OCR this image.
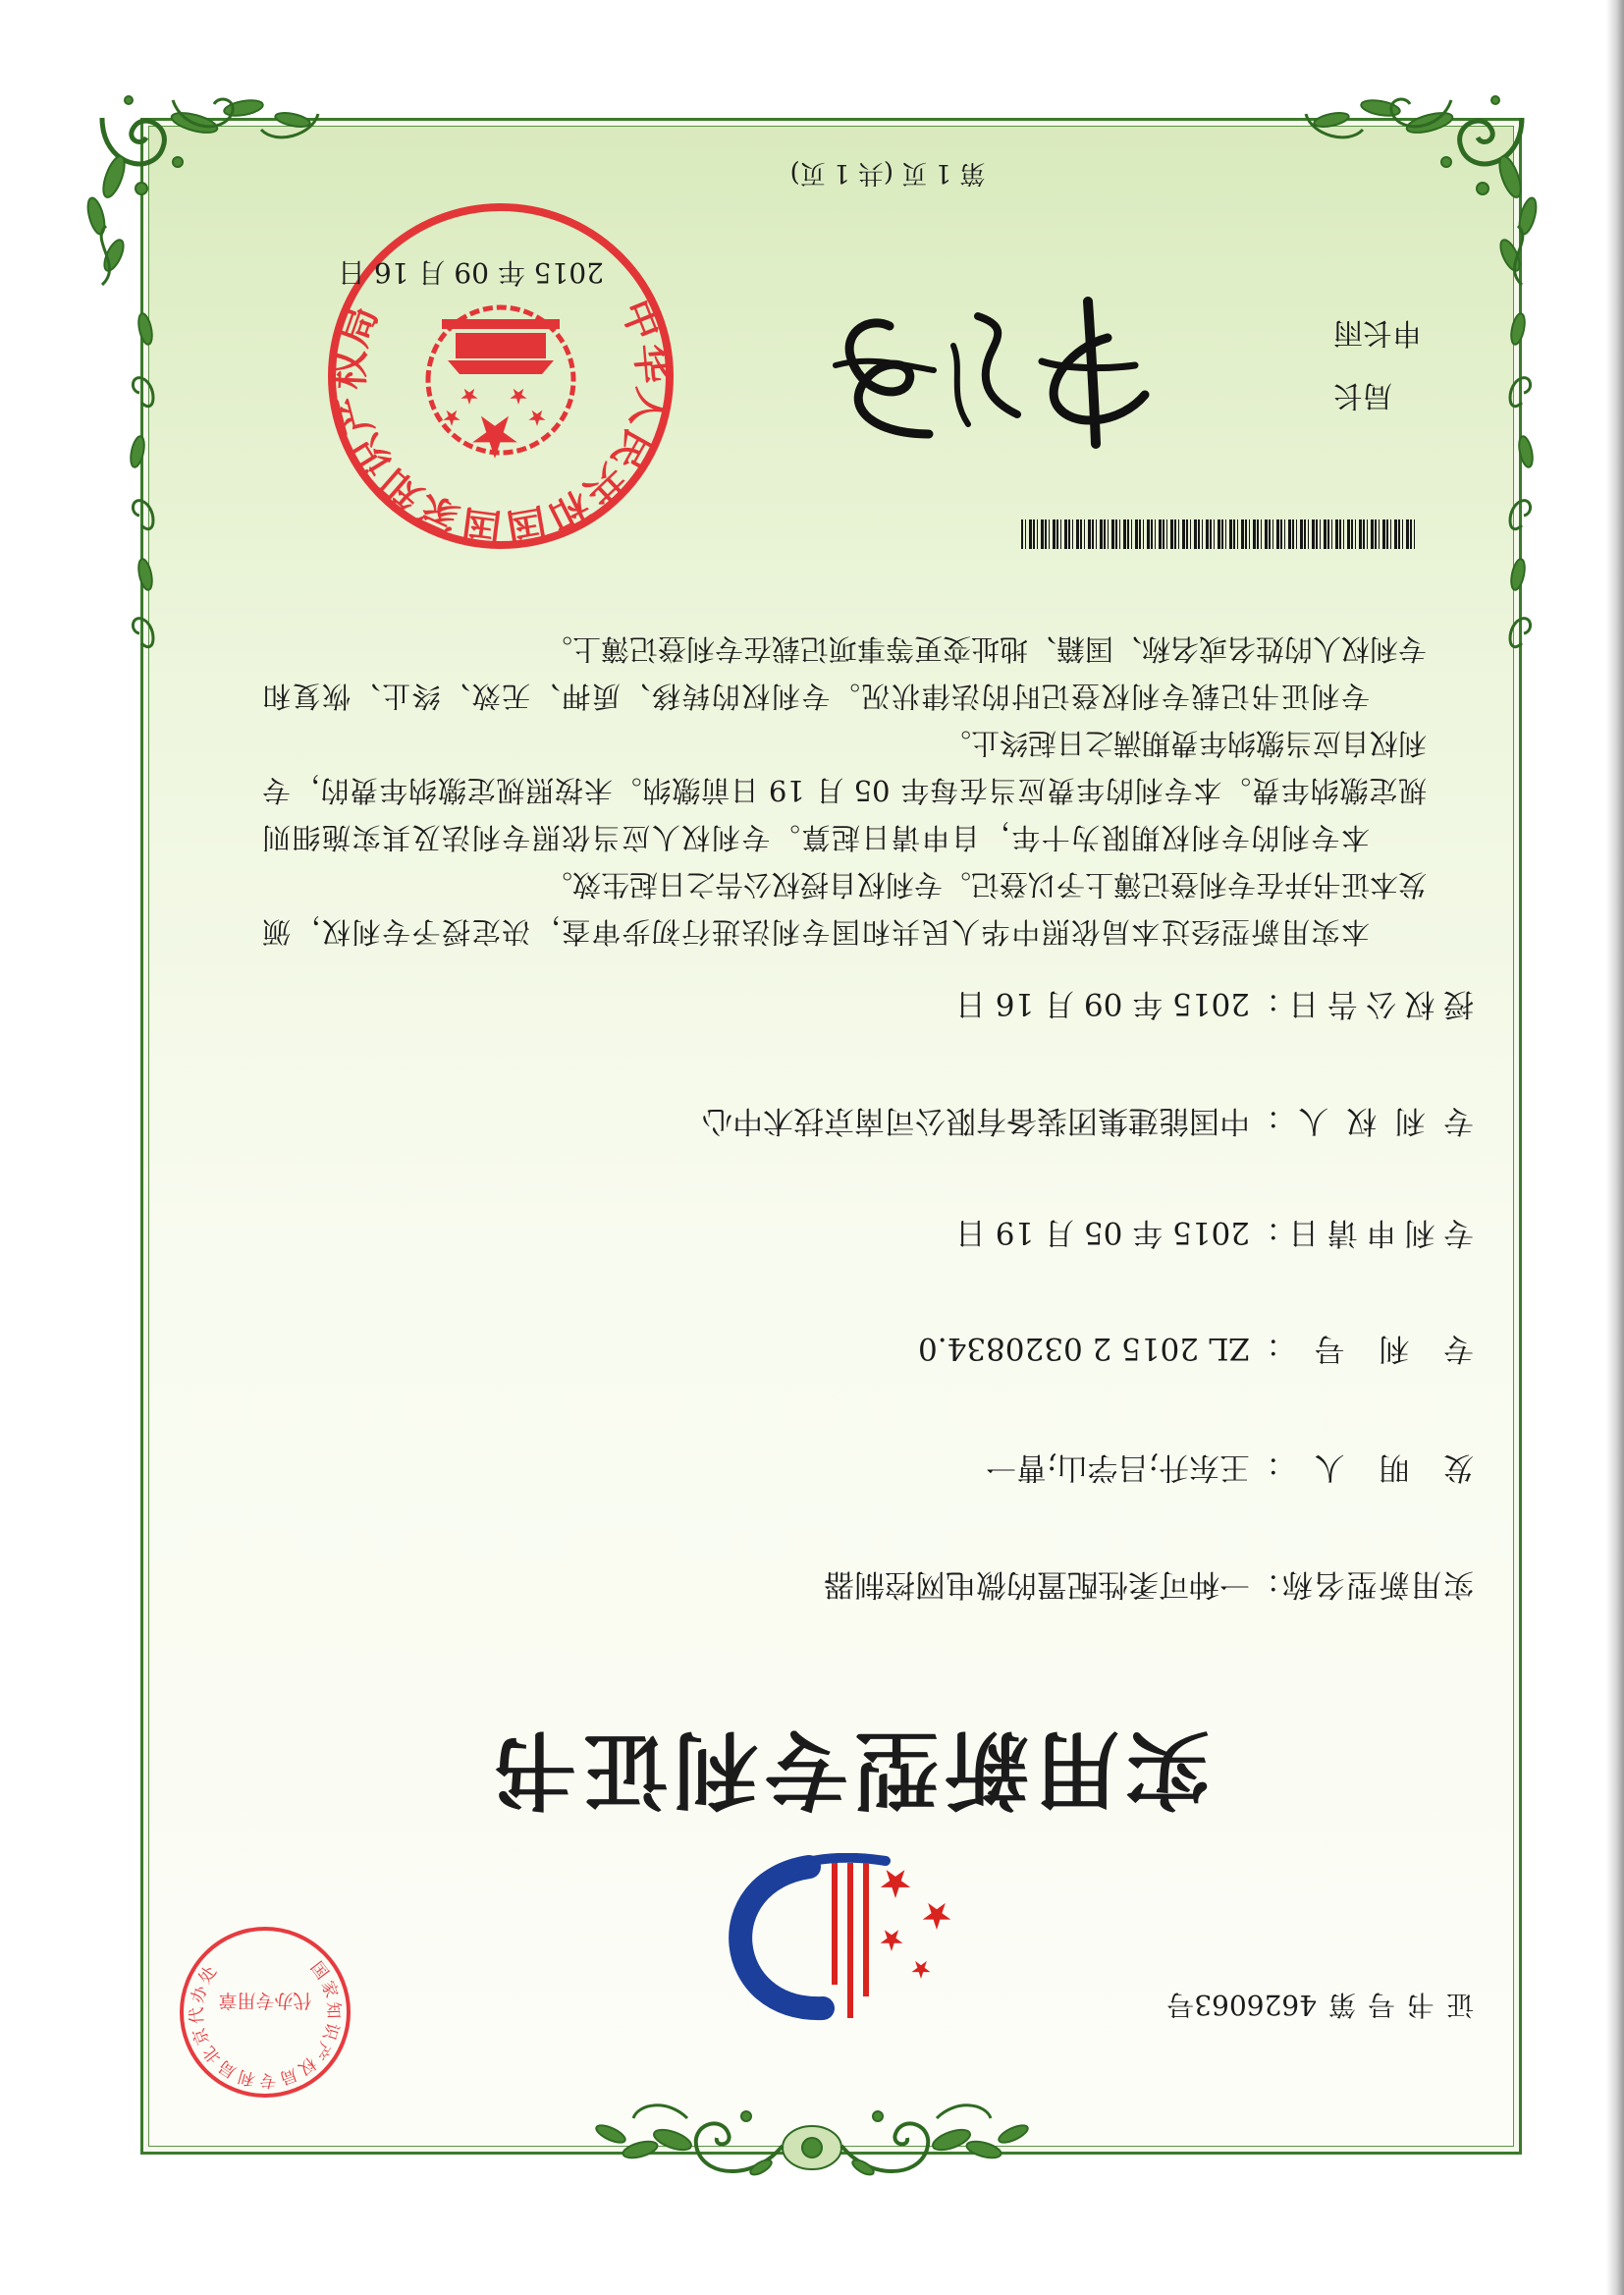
证书号第4626063号
国家知识产权局专利局北京代办处
代办专用章
实用新型专利证书
实用新型名称：一种可柔性配置的微电网控制器
发明人：王东升;吕学山;曹一
专利号：ZL 2015 2 0320834.0
专利申请日：2015 年 05 月 19 日
专利权人：中国能建集团装备有限公司南京技术中心
授权公告日：2015 年 09 月 16 日
本实用新型经过本局依照中华人民共和国专利法进行初步审查，决定授予专利权，颁
发本证书并在专利登记簿上予以登记。专利权自授权公告之日起生效。
本专利的专利权期限为十年，自申请日起算。专利权人应当依照专利法及其实施细则
规定缴纳年费。本专利的年费应当在每年 05 月 19 日前缴纳。未按照规定缴纳年费的，专
利权自应当缴纳年费期满之日起终止。
专利证书记载专利权登记时的法律状况。专利权的转移、质押、无效、终止、恢复和
专利权人的姓名或名称、国籍、地址变更等事项记载在专利登记簿上。
局长
申长雨
中华人民共和国国家知识产权局
2015 年 09 月 16 日
第 1 页 (共 1 页)
